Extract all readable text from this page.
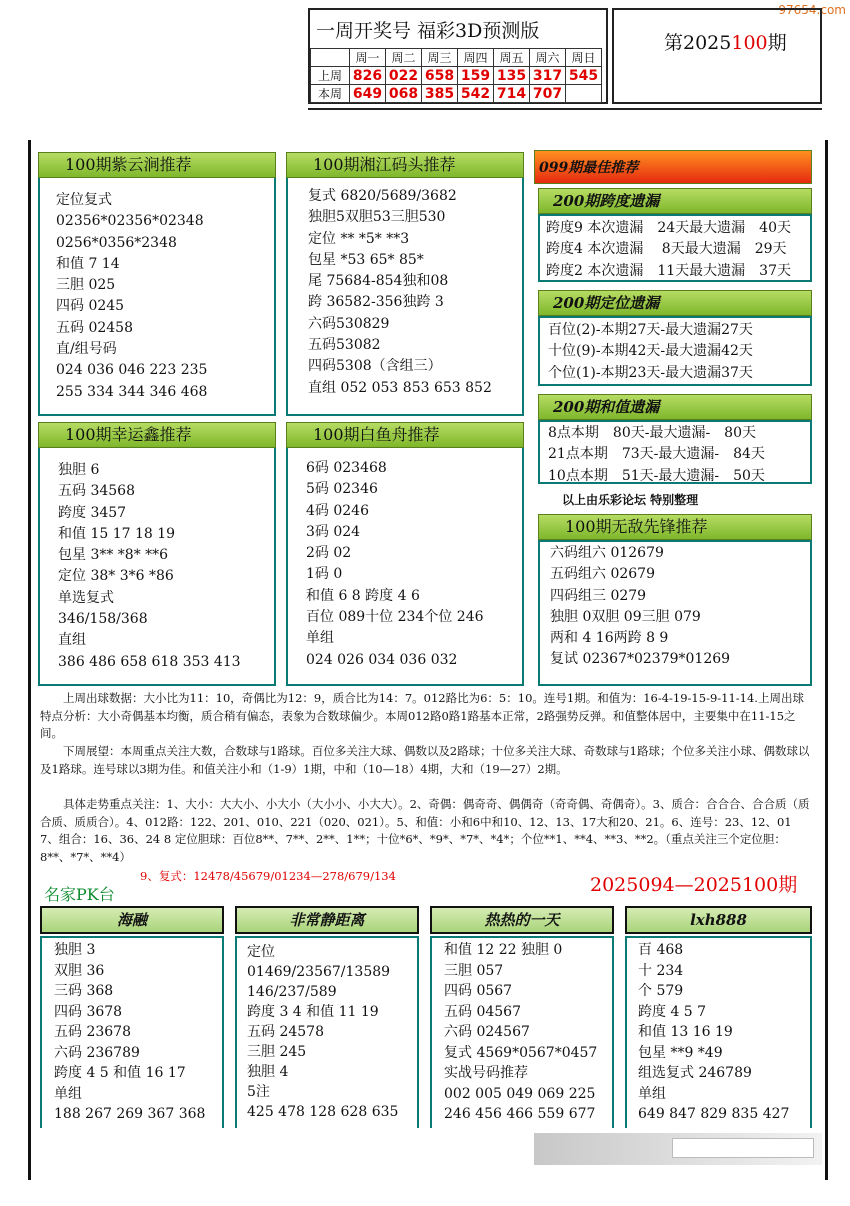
97654.com
一周开奖号 福彩3D预测版
	周一	周二	周三	周四	周五	周六	周日
上周	826	022	658	159	135	317	545
本周	649	068	385	542	714	707	
第2025100期
100期紫云涧推荐
定位复式
02356*02356*02348
0256*0356*2348
和值 7 14
三胆 025
四码 0245
五码 02458
直/组号码
024 036 046 223 235
255 334 344 346 468
100期湘江码头推荐
复式 6820/5689/3682
独胆5双胆53三胆530
定位 ** *5* **3
包星 *53 65* 85*
尾 75684-854独和08
跨 36582-356独跨 3
六码530829
五码53082
四码5308（含组三）
直组 052 053 853 653 852
099期最佳推荐
200期跨度遗漏
跨度9 本次遗漏　24天最大遗漏　40天
跨度4 本次遗漏　 8天最大遗漏　29天
跨度2 本次遗漏　11天最大遗漏　37天
200期定位遗漏
百位(2)-本期27天-最大遗漏27天
十位(9)-本期42天-最大遗漏42天
个位(1)-本期23天-最大遗漏37天
200期和值遗漏
8点本期　80天-最大遗漏-　80天
21点本期　73天-最大遗漏-　84天
10点本期　51天-最大遗漏-　50天
以上由乐彩论坛 特别整理
100期幸运鑫推荐
独胆 6
五码 34568
跨度 3457
和值 15 17 18 19
包星 3** *8* **6
定位 38* 3*6 *86
单选复式
346/158/368
直组
386 486 658 618 353 413
100期白鱼舟推荐
6码 023468
5码 02346
4码 0246
3码 024
2码 02
1码 0
和值 6 8 跨度 4 6
百位 089十位 234个位 246
单组
024 026 034 036 032
100期无敌先锋推荐
六码组六 012679
五码组六 02679
四码组三 0279
独胆 0双胆 09三胆 079
两和 4 16两跨 8 9
复试 02367*02379*01269
　　上周出球数据：大小比为11：10，奇偶比为12：9，质合比为14：7。012路比为6：5：10。连号1期。和值为：16-4-19-15-9-11-14.上周出球特点分析：大小奇偶基本均衡，质合稍有偏态，表象为合数球偏少。本周012路0路1路基本正常，2路强势反弹。和值整体居中，主要集中在11-15之间。
　　下周展望：本周重点关注大数，合数球与1路球。百位多关注大球、偶数以及2路球；十位多关注大球、奇数球与1路球；个位多关注小球、偶数球以及1路球。连号球以3期为佳。和值关注小和（1-9）1期，中和（10—18）4期，大和（19—27）2期。
　　具体走势重点关注：1、大小：大大小、小大小（大小小、小大大）。2、奇偶：偶奇奇、偶偶奇（奇奇偶、奇偶奇）。3、质合：合合合、合合质（质合质、质质合）。4、012路：122、201、010、221（020、021）。5、和值：小和6中和10、12、13、17大和20、21。6、连号：23、12、01 7、组合：16、36、24 8 定位胆球：百位8**、7**、2**、1**；十位*6*、*9*、*7*、*4*；个位**1、**4、**3、**2。（重点关注三个定位胆：8**、*7*、**4）
9、复式：12478/45679/01234—278/679/134
名家PK台	2025094—2025100期
海融
独胆 3
双胆 36
三码 368
四码 3678
五码 23678
六码 236789
跨度 4 5 和值 16 17
单组
188 267 269 367 368
非常静距离
定位
01469/23567/13589
146/237/589
跨度 3 4 和值 11 19
五码 24578
三胆 245
独胆 4
5注
425 478 128 628 635
热热的一天
和值 12 22 独胆 0
三胆 057
四码 0567
五码 04567
六码 024567
复式 4569*0567*0457
实战号码推荐
002 005 049 069 225
246 456 466 559 677
lxh888
百 468
十 234
个 579
跨度 4 5 7
和值 13 16 19
包星 **9 *49
组选复式 246789
单组
649 847 829 835 427
